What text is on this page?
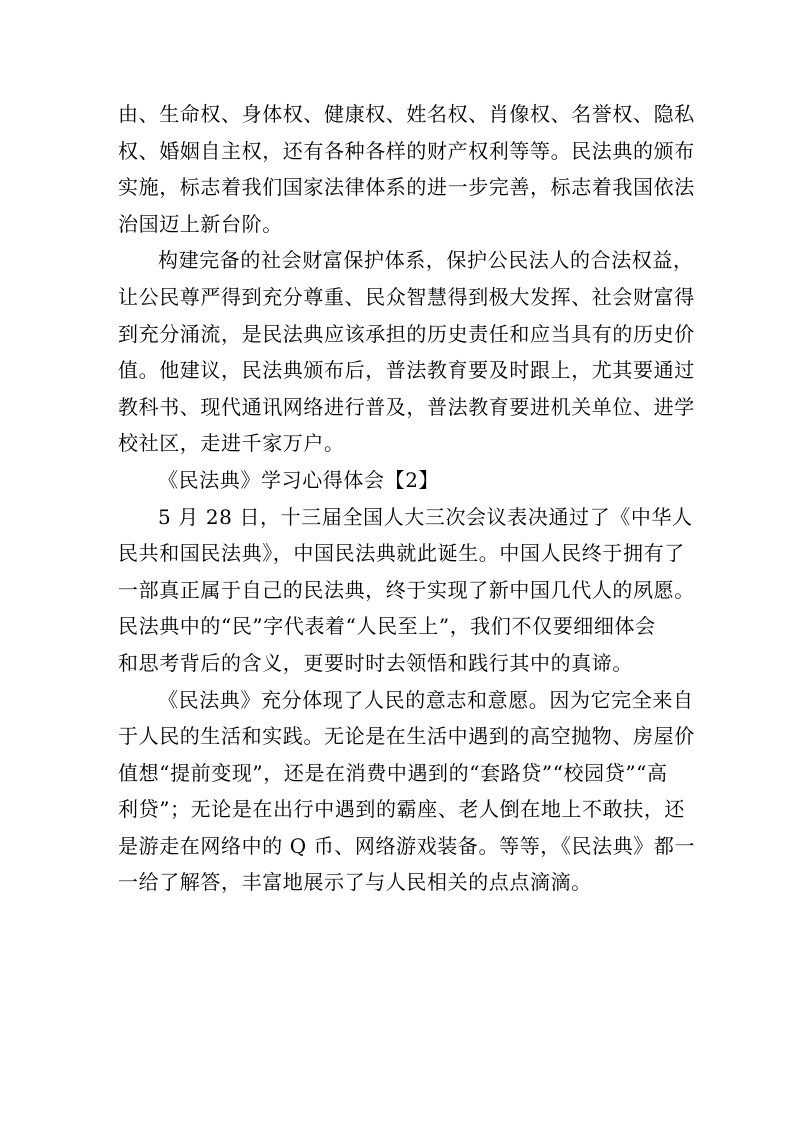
由、生命权、身体权、健康权、姓名权、肖像权、名誉权、隐私
权、婚姻自主权，还有各种各样的财产权利等等。民法典的颁布
实施，标志着我们国家法律体系的进一步完善，标志着我国依法
治国迈上新台阶。

构建完备的社会财富保护体系，保护公民法人的合法权益，
让公民尊严得到充分尊重、民众智慧得到极大发挥、社会财富得
到充分涌流，是民法典应该承担的历史责任和应当具有的历史价
值。他建议，民法典颁布后，普法教育要及时跟上，尤其要通过
教科书、现代通讯网络进行普及，普法教育要进机关单位、进学
校社区，走进千家万户。

《民法典》学习心得体会【2】

5 月 28 日，十三届全国人大三次会议表决通过了《中华人
民共和国民法典》，中国民法典就此诞生。中国人民终于拥有了
一部真正属于自己的民法典，终于实现了新中国几代人的夙愿。
民法典中的“民”字代表着“人民至上”，我们不仅要细细体会
和思考背后的含义，更要时时去领悟和践行其中的真谛。

《民法典》充分体现了人民的意志和意愿。因为它完全来自
于人民的生活和实践。无论是在生活中遇到的高空抛物、房屋价
值想“提前变现”，还是在消费中遇到的“套路贷”“校园贷”“高
利贷”；无论是在出行中遇到的霸座、老人倒在地上不敢扶，还
是游走在网络中的 Q 币、网络游戏装备。等等，《民法典》都一
一给了解答，丰富地展示了与人民相关的点点滴滴。
